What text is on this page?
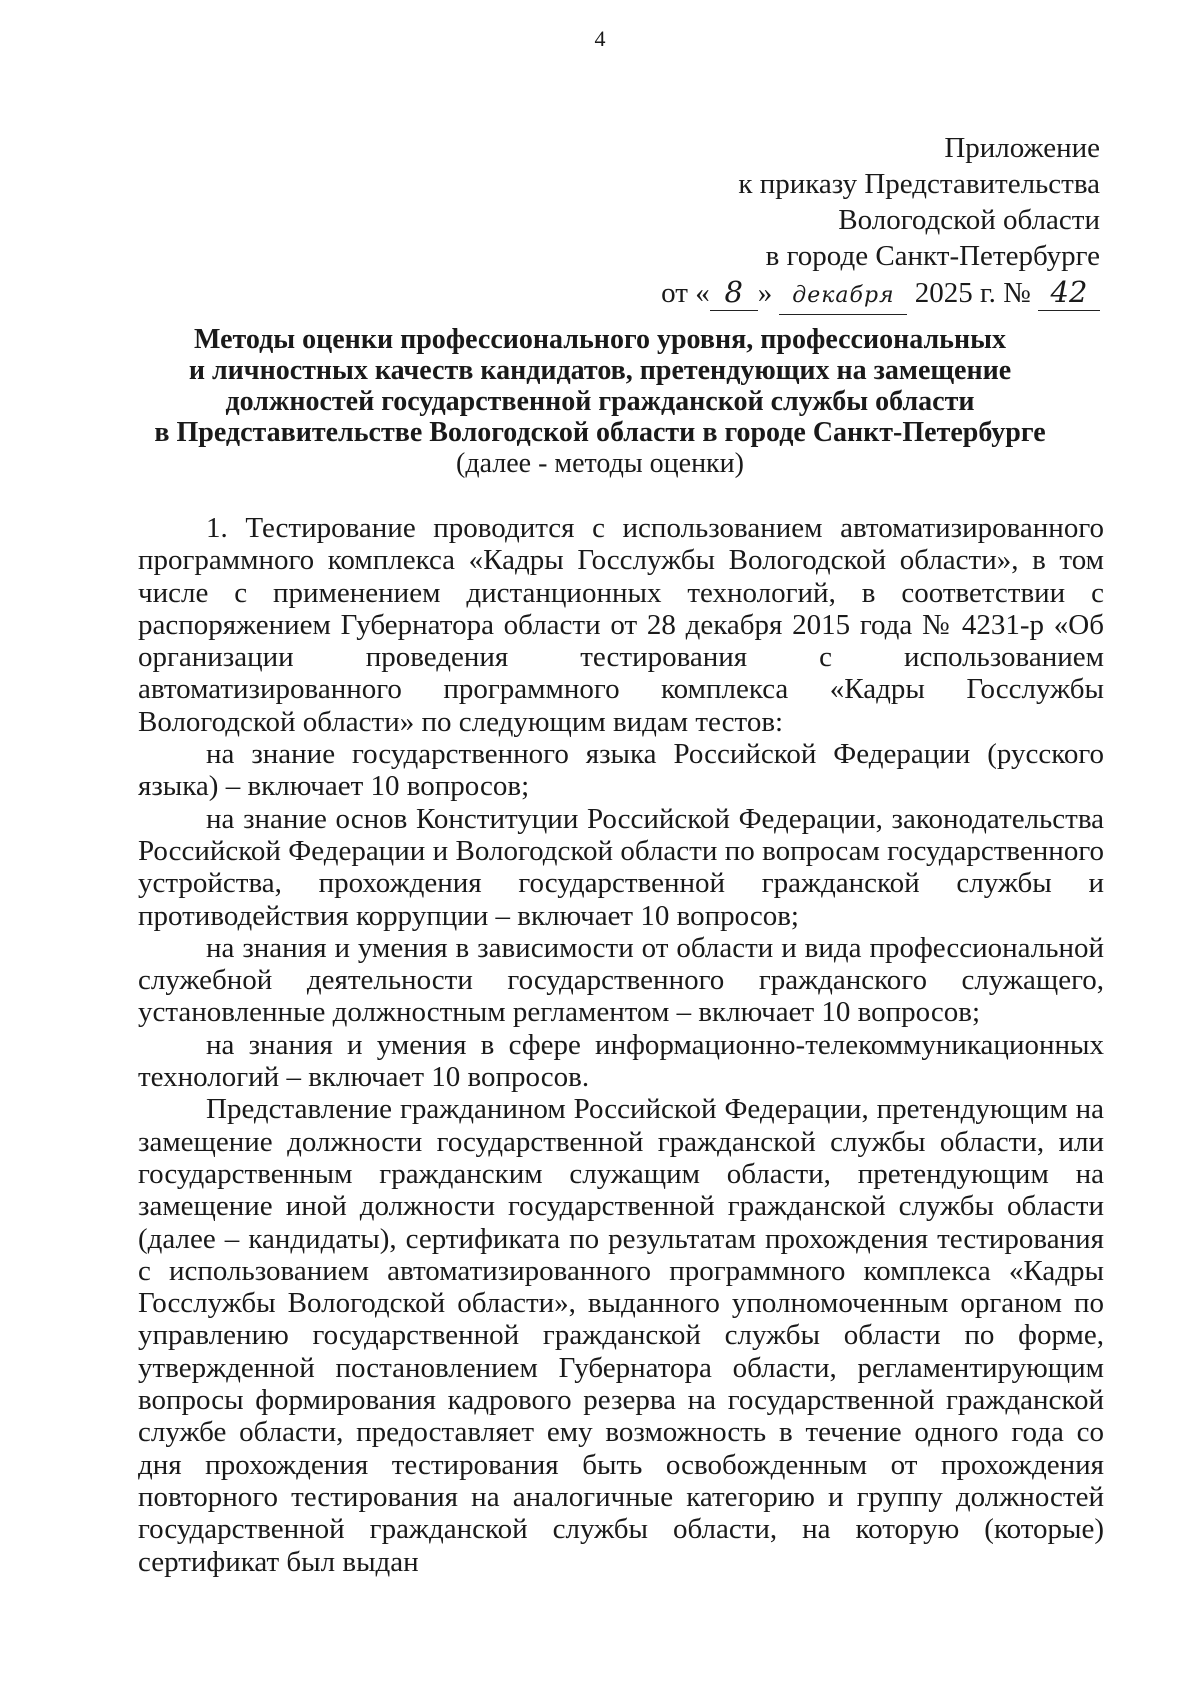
4
Приложение
к приказу Представительства
Вологодской области
в городе Санкт-Петербурге
от « 8 »
декабря
2025 г. №
42
Методы оценки профессионального уровня, профессиональных
и личностных качеств кандидатов, претендующих на замещение
должностей государственной гражданской службы области
в Представительстве Вологодской области в городе Санкт-Петербурге
(далее - методы оценки)

1. Тестирование проводится с использованием автоматизированного программного комплекса «Кадры Госслужбы Вологодской области», в том числе с применением дистанционных технологий, в соответствии с распоряжением Губернатора области от 28 декабря 2015 года № 4231-р «Об организации проведения тестирования с использованием автоматизированного программного комплекса «Кадры Госслужбы Вологодской области» по следующим видам тестов:

на знание государственного языка Российской Федерации (русского языка) – включает 10 вопросов;

на знание основ Конституции Российской Федерации, законодательства Российской Федерации и Вологодской области по вопросам государственного устройства, прохождения государственной гражданской службы и противодействия коррупции – включает 10 вопросов;

на знания и умения в зависимости от области и вида профессиональной служебной деятельности государственного гражданского служащего, установленные должностным регламентом – включает 10 вопросов;

на знания и умения в сфере информационно-телекоммуникационных технологий – включает 10 вопросов.

Представление гражданином Российской Федерации, претендующим на замещение должности государственной гражданской службы области, или государственным гражданским служащим области, претендующим на замещение иной должности государственной гражданской службы области (далее – кандидаты), сертификата по результатам прохождения тестирования с использованием автоматизированного программного комплекса «Кадры Госслужбы Вологодской области», выданного уполномоченным органом по управлению государственной гражданской службы области по форме, утвержденной постановлением Губернатора области, регламентирующим вопросы формирования кадрового резерва на государственной гражданской службе области, предоставляет ему возможность в течение одного года со дня прохождения тестирования быть освобожденным от прохождения повторного тестирования на аналогичные категорию и группу должностей государственной гражданской службы области, на которую (которые) сертификат был выдан
